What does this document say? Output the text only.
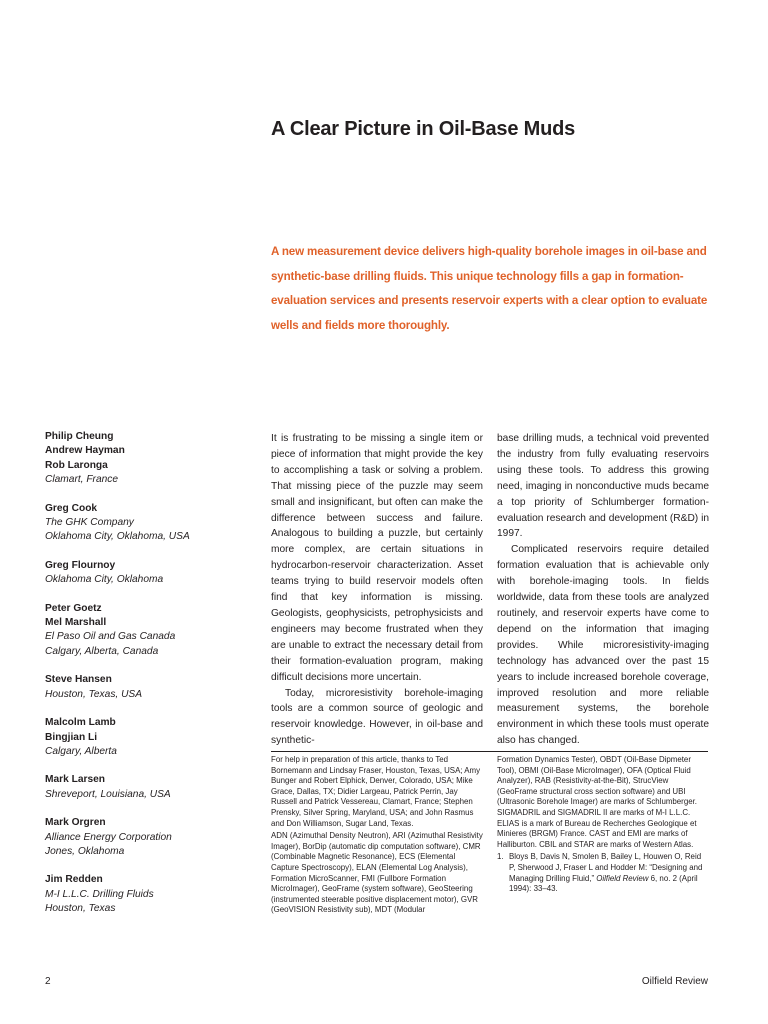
A Clear Picture in Oil-Base Muds

A new measurement device delivers high-quality borehole images in oil-base and synthetic-base drilling fluids. This unique technology fills a gap in formation-evaluation services and presents reservoir experts with a clear option to evaluate wells and fields more thoroughly.

Philip Cheung
Andrew Hayman
Rob Laronga
Clamart, France
Greg Cook
The GHK Company
Oklahoma City, Oklahoma, USA
Greg Flournoy
Oklahoma City, Oklahoma
Peter Goetz
Mel Marshall
El Paso Oil and Gas Canada
Calgary, Alberta, Canada
Steve Hansen
Houston, Texas, USA
Malcolm Lamb
Bingjian Li
Calgary, Alberta
Mark Larsen
Shreveport, Louisiana, USA
Mark Orgren
Alliance Energy Corporation
Jones, Oklahoma
Jim Redden
M-I L.L.C. Drilling Fluids
Houston, Texas

It is frustrating to be missing a single item or piece of information that might provide the key to accomplishing a task or solving a problem. That missing piece of the puzzle may seem small and insignificant, but often can make the difference between success and failure. Analogous to building a puzzle, but certainly more complex, are certain situations in hydrocarbon-reservoir characterization. Asset teams trying to build reservoir models often find that key information is missing. Geologists, geophysicists, petrophysicists and engineers may become frustrated when they are unable to extract the necessary detail from their formation-evaluation program, making difficult decisions more uncertain.

Today, microresistivity borehole-imaging tools are a common source of geologic and reservoir knowledge. However, in oil-base and synthetic-

base drilling muds, a technical void prevented the industry from fully evaluating reservoirs using these tools. To address this growing need, imaging in nonconductive muds became a top priority of Schlumberger formation-evaluation research and development (R&D) in 1997.

Complicated reservoirs require detailed formation evaluation that is achievable only with borehole-imaging tools. In fields worldwide, data from these tools are analyzed routinely, and reservoir experts have come to depend on the information that imaging provides. While microresistivity-imaging technology has advanced over the past 15 years to include increased borehole coverage, improved resolution and more reliable measurement systems, the borehole environment in which these tools must operate also has changed.

For help in preparation of this article, thanks to Ted Bornemann and Lindsay Fraser, Houston, Texas, USA; Amy Bunger and Robert Elphick, Denver, Colorado, USA; Mike Grace, Dallas, TX; Didier Largeau, Patrick Perrin, Jay Russell and Patrick Vessereau, Clamart, France; Stephen Prensky, Silver Spring, Maryland, USA; and John Rasmus and Don Williamson, Sugar Land, Texas.

ADN (Azimuthal Density Neutron), ARI (Azimuthal Resistivity Imager), BorDip (automatic dip computation software), CMR (Combinable Magnetic Resonance), ECS (Elemental Capture Spectroscopy), ELAN (Elemental Log Analysis), Formation MicroScanner, FMI (Fullbore Formation MicroImager), GeoFrame (system software), GeoSteering (instrumented steerable positive displacement motor), GVR (GeoVISION Resistivity sub), MDT (Modular

Formation Dynamics Tester), OBDT (Oil-Base Dipmeter Tool), OBMI (Oil-Base MicroImager), OFA (Optical Fluid Analyzer), RAB (Resistivity-at-the-Bit), StrucView (GeoFrame structural cross section software) and UBI (Ultrasonic Borehole Imager) are marks of Schlumberger. SIGMADRIL and SIGMADRIL II are marks of M-I L.L.C. ELIAS is a mark of Bureau de Recherches Geologique et Minieres (BRGM) France. CAST and EMI are marks of Halliburton. CBIL and STAR are marks of Western Atlas.

1. Bloys B, Davis N, Smolen B, Bailey L, Houwen O, Reid P, Sherwood J, Fraser L and Hodder M: “Designing and Managing Drilling Fluid,” Oilfield Review 6, no. 2 (April 1994): 33–43.
2	Oilfield Review
